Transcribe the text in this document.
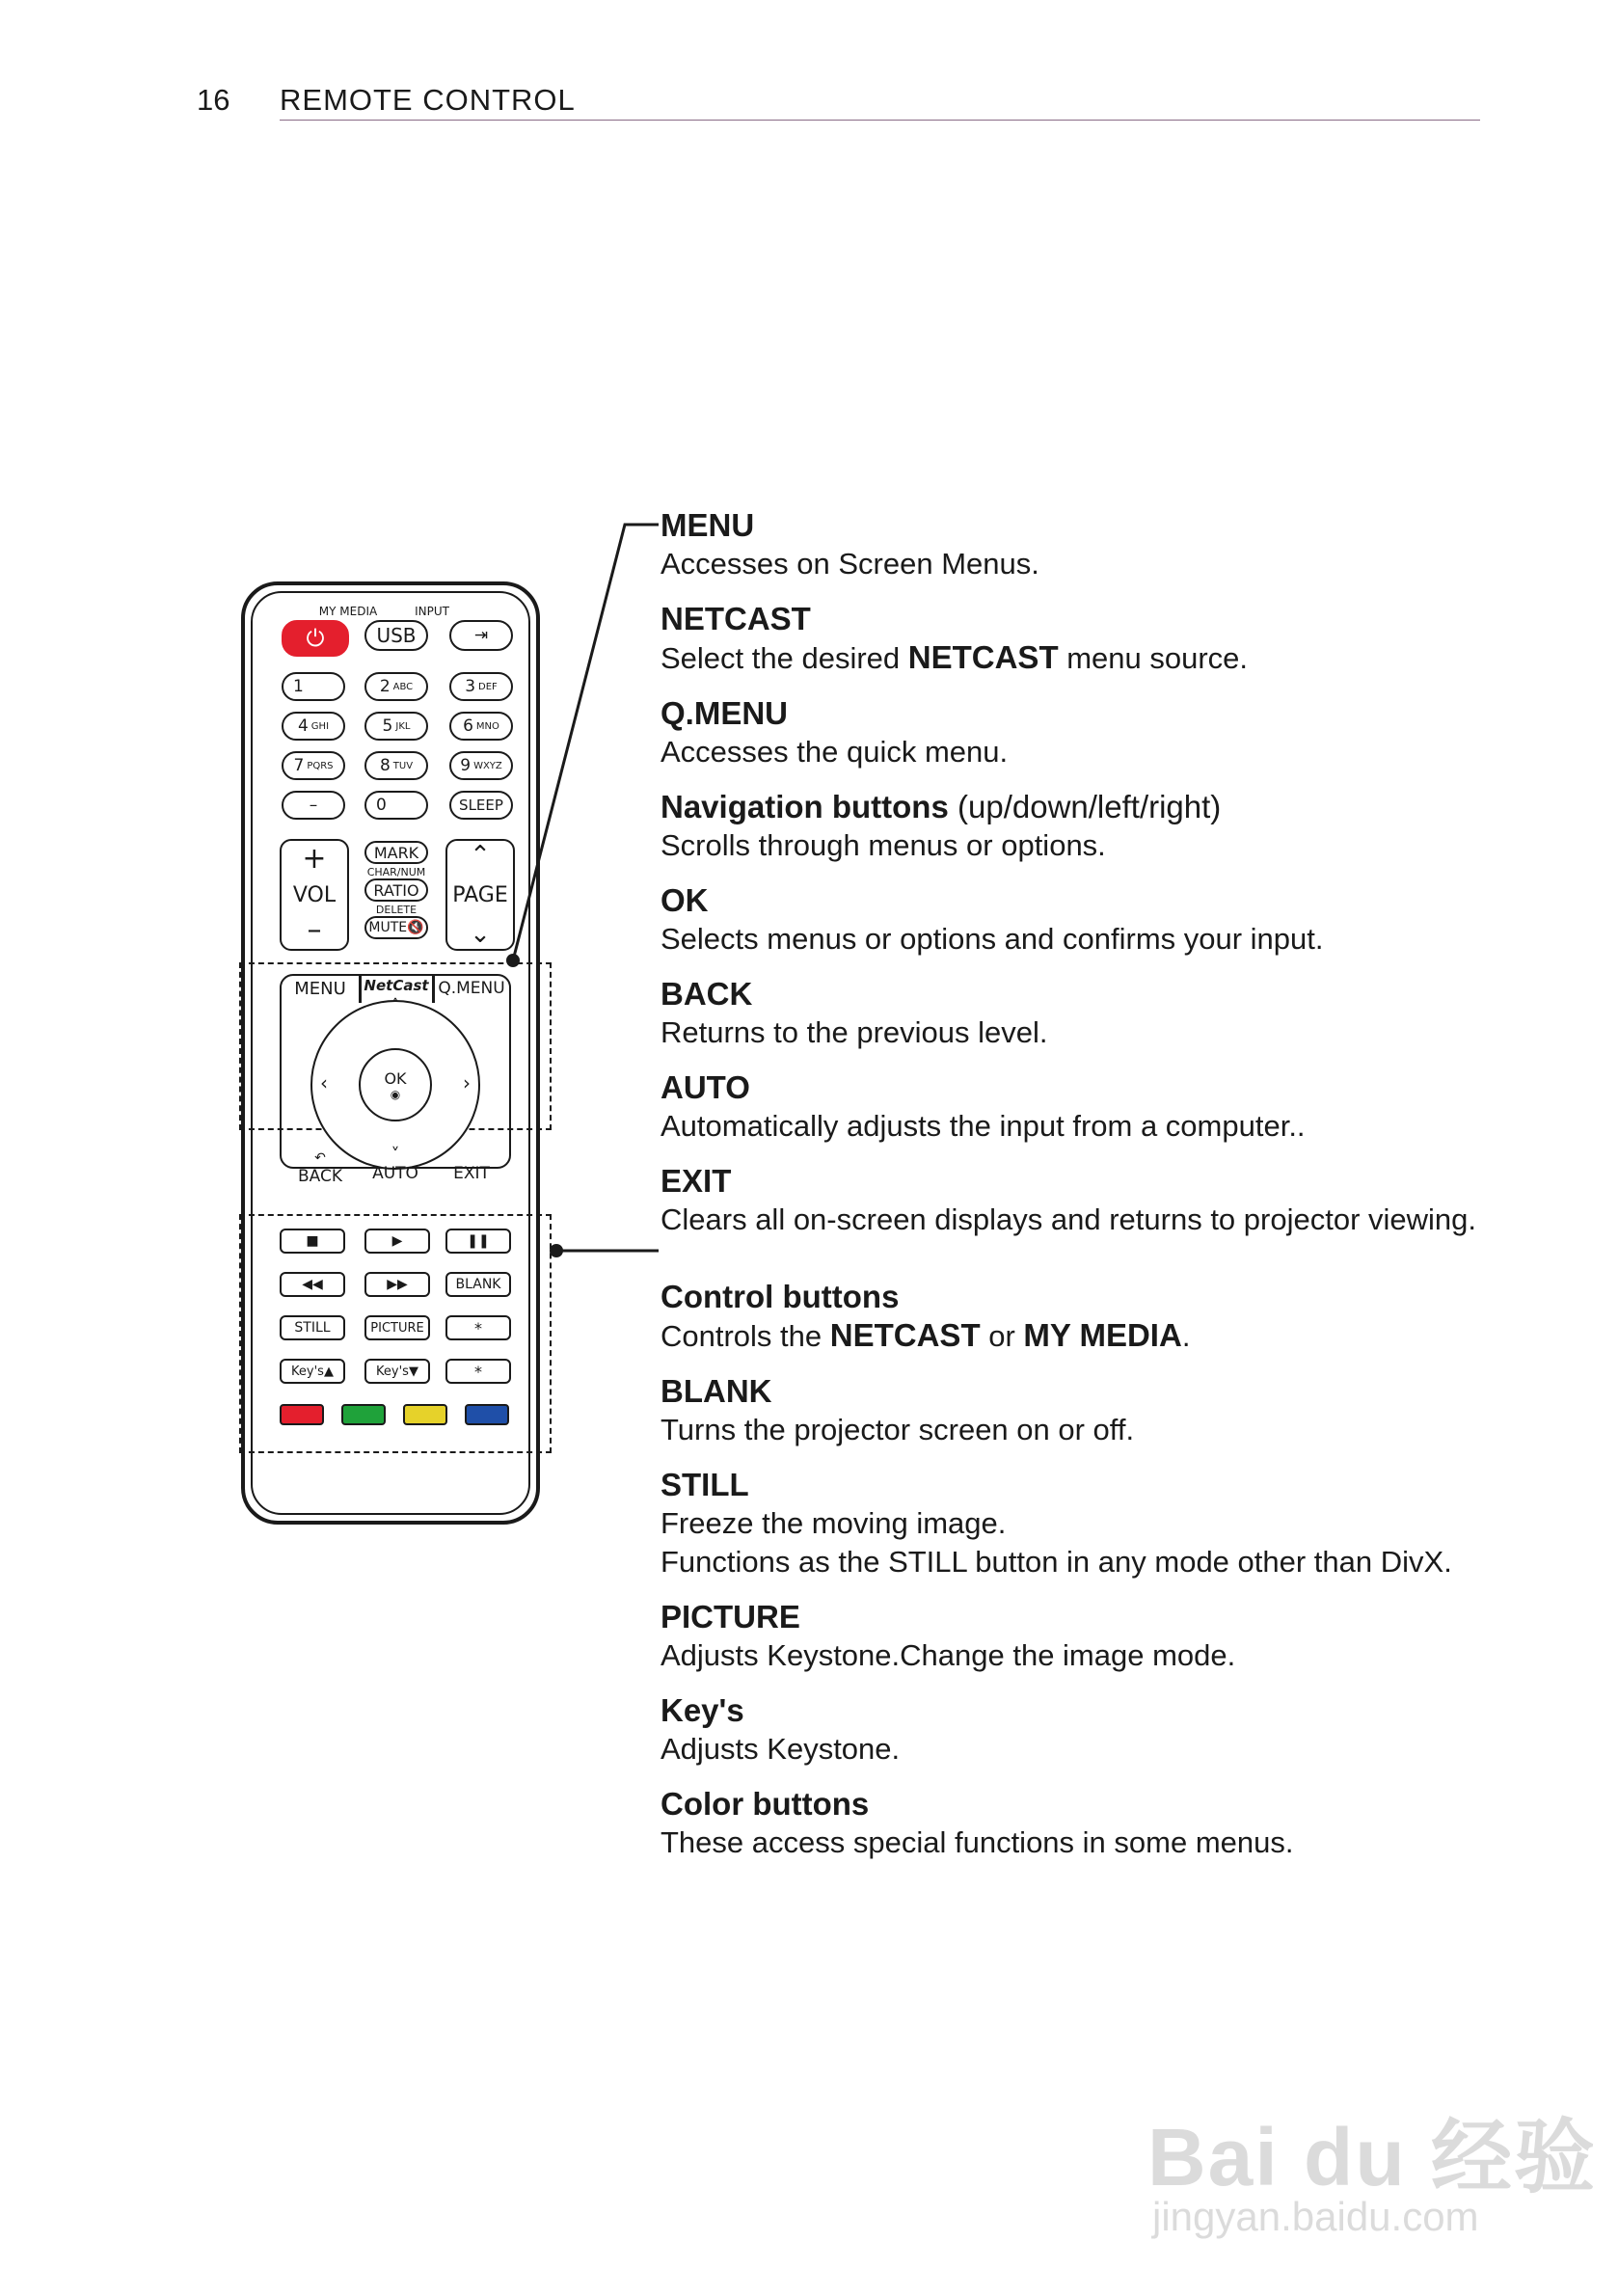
16 REMOTE CONTROL
⏻
MY MEDIA
USB
INPUT
⇥
1	2 ABC	3 DEF
4 GHI	5 JKL	6 MNO
7 PQRS	8 TUV	9 WXYZ
–	0	SLEEP
+
VOL
–
MARK
CHAR/NUM
RATIO
DELETE
MUTE 🔇
⌃
PAGE
⌄
MENU	NetCast Q.MENU
˄
˅
‹	›
OK
◉
↶
BACK	AUTO	EXIT
■	▶	❚❚
◀◀	▶▶	BLANK
STILL	PICTURE	*
Key's▲	Key's▼	*
MENU
Accesses on Screen Menus.
NETCAST
Select the desired NETCAST menu source.
Q.MENU
Accesses the quick menu.
Navigation buttons (up/down/left/right)
Scrolls through menus or options.
OK
Selects menus or options and confirms your input.
BACK
Returns to the previous level.
AUTO
Automatically adjusts the input from a computer..
EXIT
Clears all on-screen displays and returns to projector viewing.
Control buttons
Controls the NETCAST or MY MEDIA.
BLANK
Turns the projector screen on or off.
STILL
Freeze the moving image.
Functions as the STILL button in any mode other than DivX.
PICTURE
Adjusts Keystone.Change the image mode.
Key's
Adjusts Keystone.
Color buttons
These access special functions in some menus.
Bai du 经验
jingyan.baidu.com
